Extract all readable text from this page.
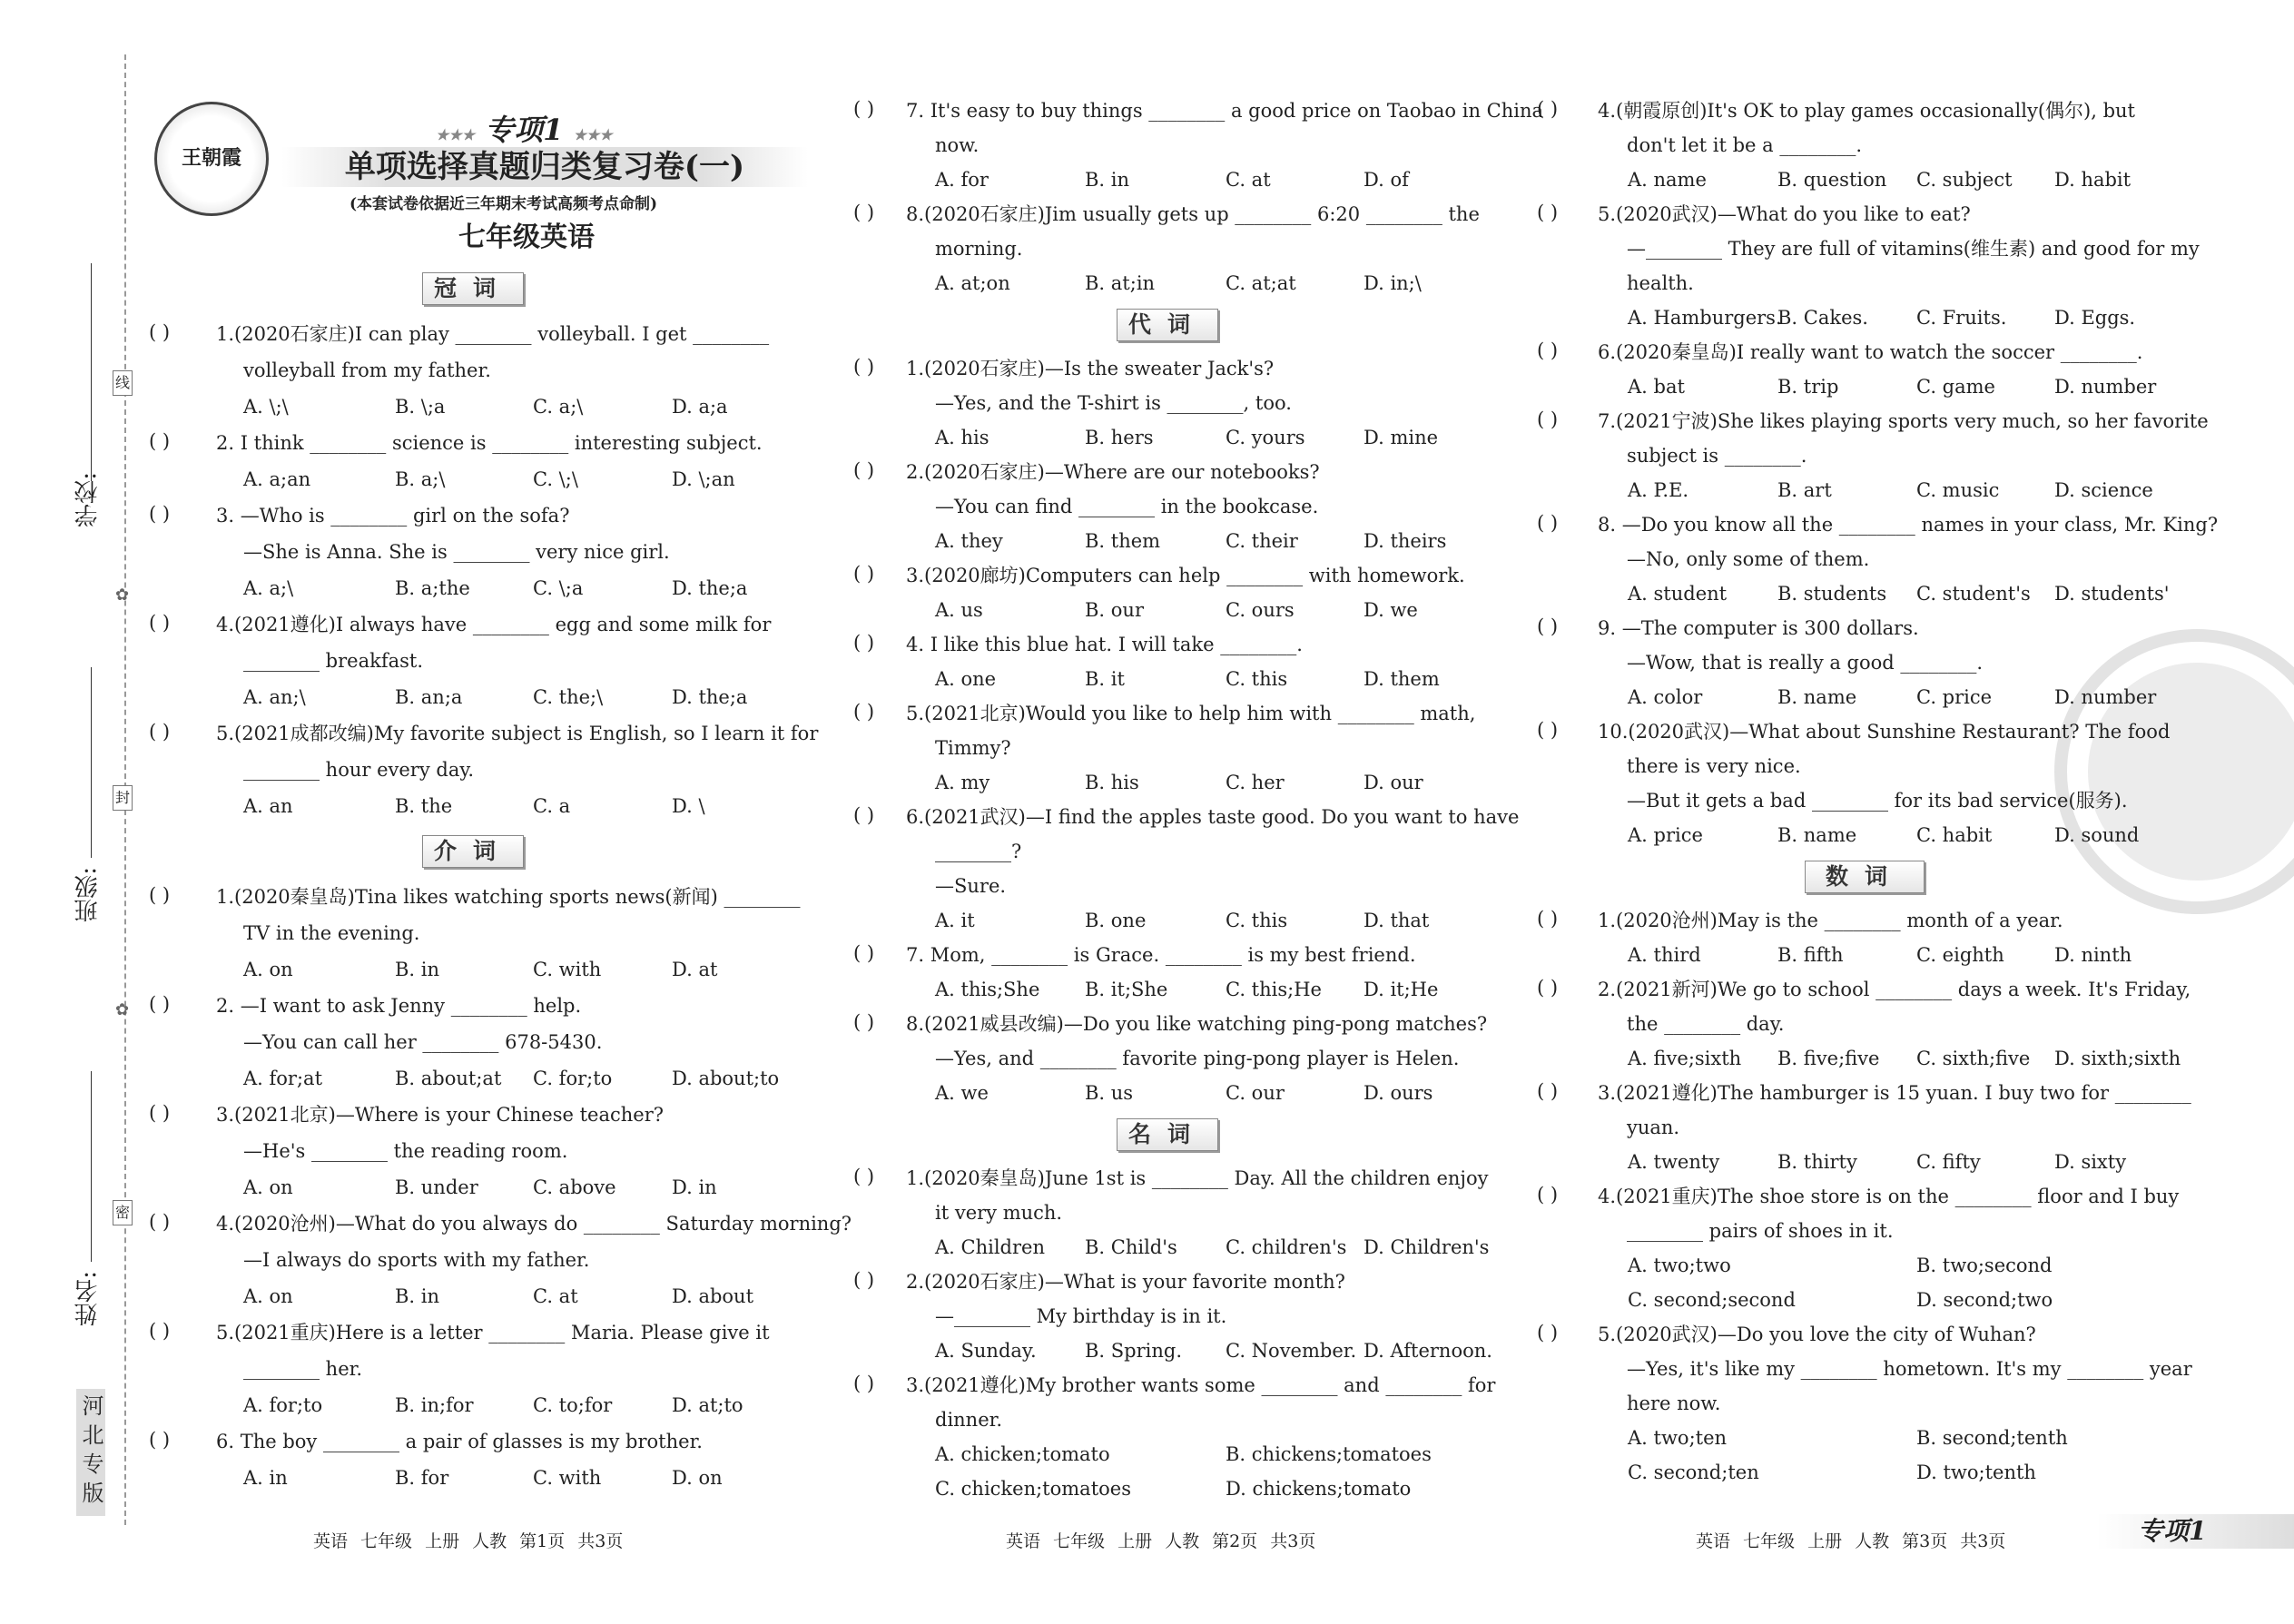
线
封
密
✿
✿
学校:
班级:
姓名:
河北专版
王朝霞
★★★ 专项1 ★★★
单项选择真题归类复习卷(一)
(本套试卷依据近三年期末考试高频考点命制)
七年级英语
冠词
( ) 1.(2020石家庄)I can play ________ volleyball. I get ________
volleyball from my father.
A. \;\	B. \;a	C. a;\	D. a;a
( ) 2. I think ________ science is ________ interesting subject.
A. a;an	B. a;\	C. \;\	D. \;an
( ) 3. —Who is ________ girl on the sofa?
—She is Anna. She is ________ very nice girl.
A. a;\	B. a;the	C. \;a	D. the;a
( ) 4.(2021遵化)I always have ________ egg and some milk for
________ breakfast.
A. an;\	B. an;a	C. the;\	D. the;a
( ) 5.(2021成都改编)My favorite subject is English, so I learn it for
________ hour every day.
A. an	B. the	C. a	D. \
介词
( ) 1.(2020秦皇岛)Tina likes watching sports news(新闻) ________
TV in the evening.
A. on	B. in	C. with	D. at
( ) 2. —I want to ask Jenny ________ help.
—You can call her ________ 678-5430.
A. for;at	B. about;at C. for;to	D. about;to
( ) 3.(2021北京)—Where is your Chinese teacher?
—He's ________ the reading room.
A. on	B. under	C. above	D. in
( ) 4.(2020沧州)—What do you always do ________ Saturday morning?
—I always do sports with my father.
A. on	B. in	C. at	D. about
( ) 5.(2021重庆)Here is a letter ________ Maria. Please give it
________ her.
A. for;to	B. in;for	C. to;for	D. at;to
( ) 6. The boy ________ a pair of glasses is my brother.
A. in	B. for	C. with	D. on
( ) 7. It's easy to buy things ________ a good price on Taobao in China
now.
A. for	B. in	C. at	D. of
( ) 8.(2020石家庄)Jim usually gets up ________ 6:20 ________ the
morning.
A. at;on	B. at;in	C. at;at	D. in;\
代词
( ) 1.(2020石家庄)—Is the sweater Jack's?
—Yes, and the T-shirt is ________, too.
A. his	B. hers	C. yours	D. mine
( ) 2.(2020石家庄)—Where are our notebooks?
—You can find ________ in the bookcase.
A. they	B. them	C. their	D. theirs
( ) 3.(2020廊坊)Computers can help ________ with homework.
A. us	B. our	C. ours	D. we
( ) 4. I like this blue hat. I will take ________.
A. one	B. it	C. this	D. them
( ) 5.(2021北京)Would you like to help him with ________ math,
Timmy?
A. my	B. his	C. her	D. our
( ) 6.(2021武汉)—I find the apples taste good. Do you want to have
________?
—Sure.
A. it	B. one	C. this	D. that
( ) 7. Mom, ________ is Grace. ________ is my best friend.
A. this;She B. it;She	C. this;He D. it;He
( ) 8.(2021威县改编)—Do you like watching ping-pong matches?
—Yes, and ________ favorite ping-pong player is Helen.
A. we	B. us	C. our	D. ours
名词
( ) 1.(2020秦皇岛)June 1st is ________ Day. All the children enjoy
it very much.
A. Children B. Child's	C. children's D. Children's
( ) 2.(2020石家庄)—What is your favorite month?
—________ My birthday is in it.
A. Sunday.	B. Spring. C. November. D. Afternoon.
( ) 3.(2021遵化)My brother wants some ________ and ________ for
dinner.
A. chicken;tomato	B. chickens;tomatoes
C. chicken;tomatoes	D. chickens;tomato
( ) 4.(朝霞原创)It's OK to play games occasionally(偶尔), but
don't let it be a ________.
A. name	B. question C. subject D. habit
( ) 5.(2020武汉)—What do you like to eat?
—________ They are full of vitamins(维生素) and good for my
health.
A. Hamburgers.
B. Cakes.	C. Fruits.	D. Eggs.
( ) 6.(2020秦皇岛)I really want to watch the soccer ________.
A. bat	B. trip	C. game	D. number
( ) 7.(2021宁波)She likes playing sports very much, so her favorite
subject is ________.
A. P.E.	B. art	C. music	D. science
( ) 8. —Do you know all the ________ names in your class, Mr. King?
—No, only some of them.
A. student	B. students C. student's D. students'
( ) 9. —The computer is 300 dollars.
—Wow, that is really a good ________.
A. color	B. name	C. price	D. number
( ) 10.(2020武汉)—What about Sunshine Restaurant? The food
there is very nice.
—But it gets a bad ________ for its bad service(服务).
A. price	B. name	C. habit	D. sound
数词
( ) 1.(2020沧州)May is the ________ month of a year.
A. third	B. fifth	C. eighth	D. ninth
( ) 2.(2021新河)We go to school ________ days a week. It's Friday,
the ________ day.
A. five;sixth B. five;five C. sixth;five D. sixth;sixth
( ) 3.(2021遵化)The hamburger is 15 yuan. I buy two for ________
yuan.
A. twenty	B. thirty	C. fifty	D. sixty
( ) 4.(2021重庆)The shoe store is on the ________ floor and I buy
________ pairs of shoes in it.
A. two;two	B. two;second
C. second;second	D. second;two
( ) 5.(2020武汉)—Do you love the city of Wuhan?
—Yes, it's like my ________ hometown. It's my ________ year
here now.
A. two;ten	B. second;tenth
C. second;ten	D. two;tenth
英语 七年级 上册 人教 第1页 共3页	英语 七年级 上册 人教 第2页 共3页	英语 七年级 上册 人教 第3页 共3页	专项1
